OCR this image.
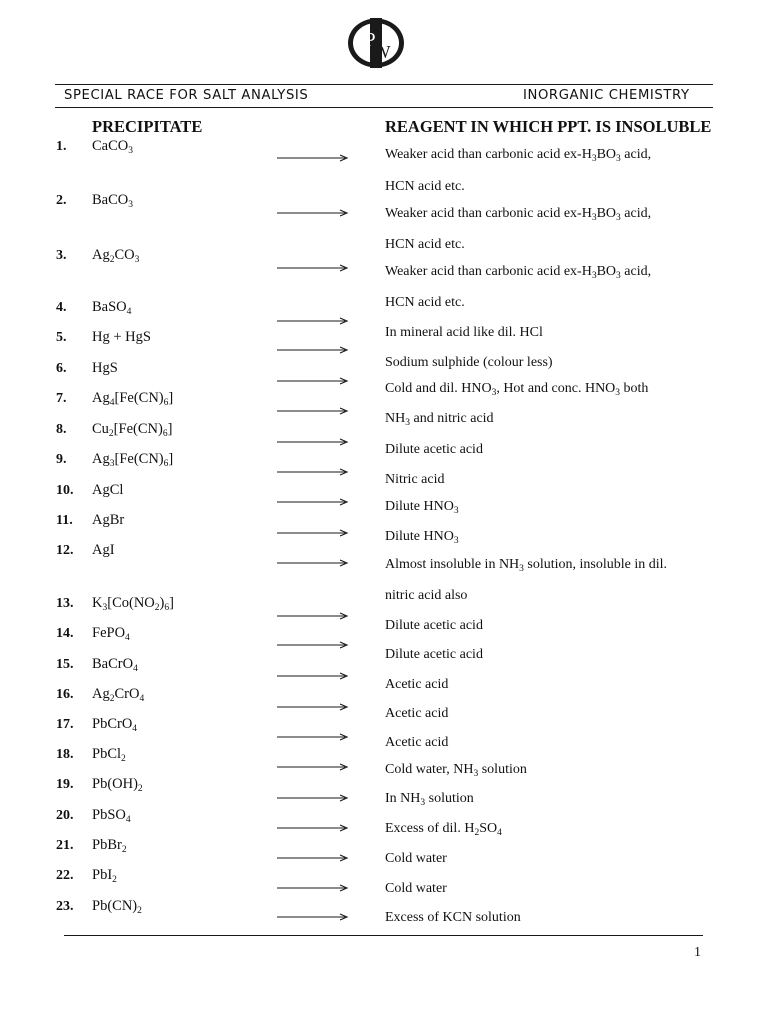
P
W
SPECIAL RACE FOR SALT ANALYSIS	INORGANIC CHEMISTRY
PRECIPITATE	REAGENT IN WHICH PPT. IS INSOLUBLE
1. CaCO$_3$
2. BaCO$_3$
3. $Ag_2CO_3$
4. BaSO$_4$
5. Hg + HgS
6. HgS
7. $Ag_4[Fe(CN)_6]$
8. $Cu_2[Fe(CN)_6]$
9. $Ag_3[Fe(CN)_6]$
10. AgCl
11. AgBr
12. AgI
13. $K_3[Co(NO_2)_6]$
14. FePO$_4$
15. BaCrO$_4$
16. $Ag_2CrO_4$
17. PbCrO$_4$
18. PbCl$_2$
19. $Pb(OH)_2$
20. PbSO$_4$
21. PbBr$_2$
22. PbI$_2$
23. $Pb(CN)_2$
Weaker acid than carbonic acid $ex-H_3BO_3$ acid,
HCN acid etc.
Weaker acid than carbonic acid $ex-H_3BO_3$ acid,
HCN acid etc.
Weaker acid than carbonic acid $ex-H_3BO_3$ acid,
HCN acid etc.
In mineral acid like dil. HCl
Sodium sulphide (colour less)
Cold and dil. $HNO_3$, Hot and conc. $HNO_3$ both
$NH_3$ and nitric acid
Dilute acetic acid
Nitric acid
Dilute $HNO_3$
Dilute $HNO_3$
Almost insoluble in $NH_3$ solution, insoluble in dil.
nitric acid also
Dilute acetic acid
Dilute acetic acid
Acetic acid
Acetic acid
Acetic acid
Cold water, $NH_3$ solution
In $NH_3$ solution
Excess of dil. $H_2SO_4$
Cold water
Cold water
Excess of KCN solution
1
